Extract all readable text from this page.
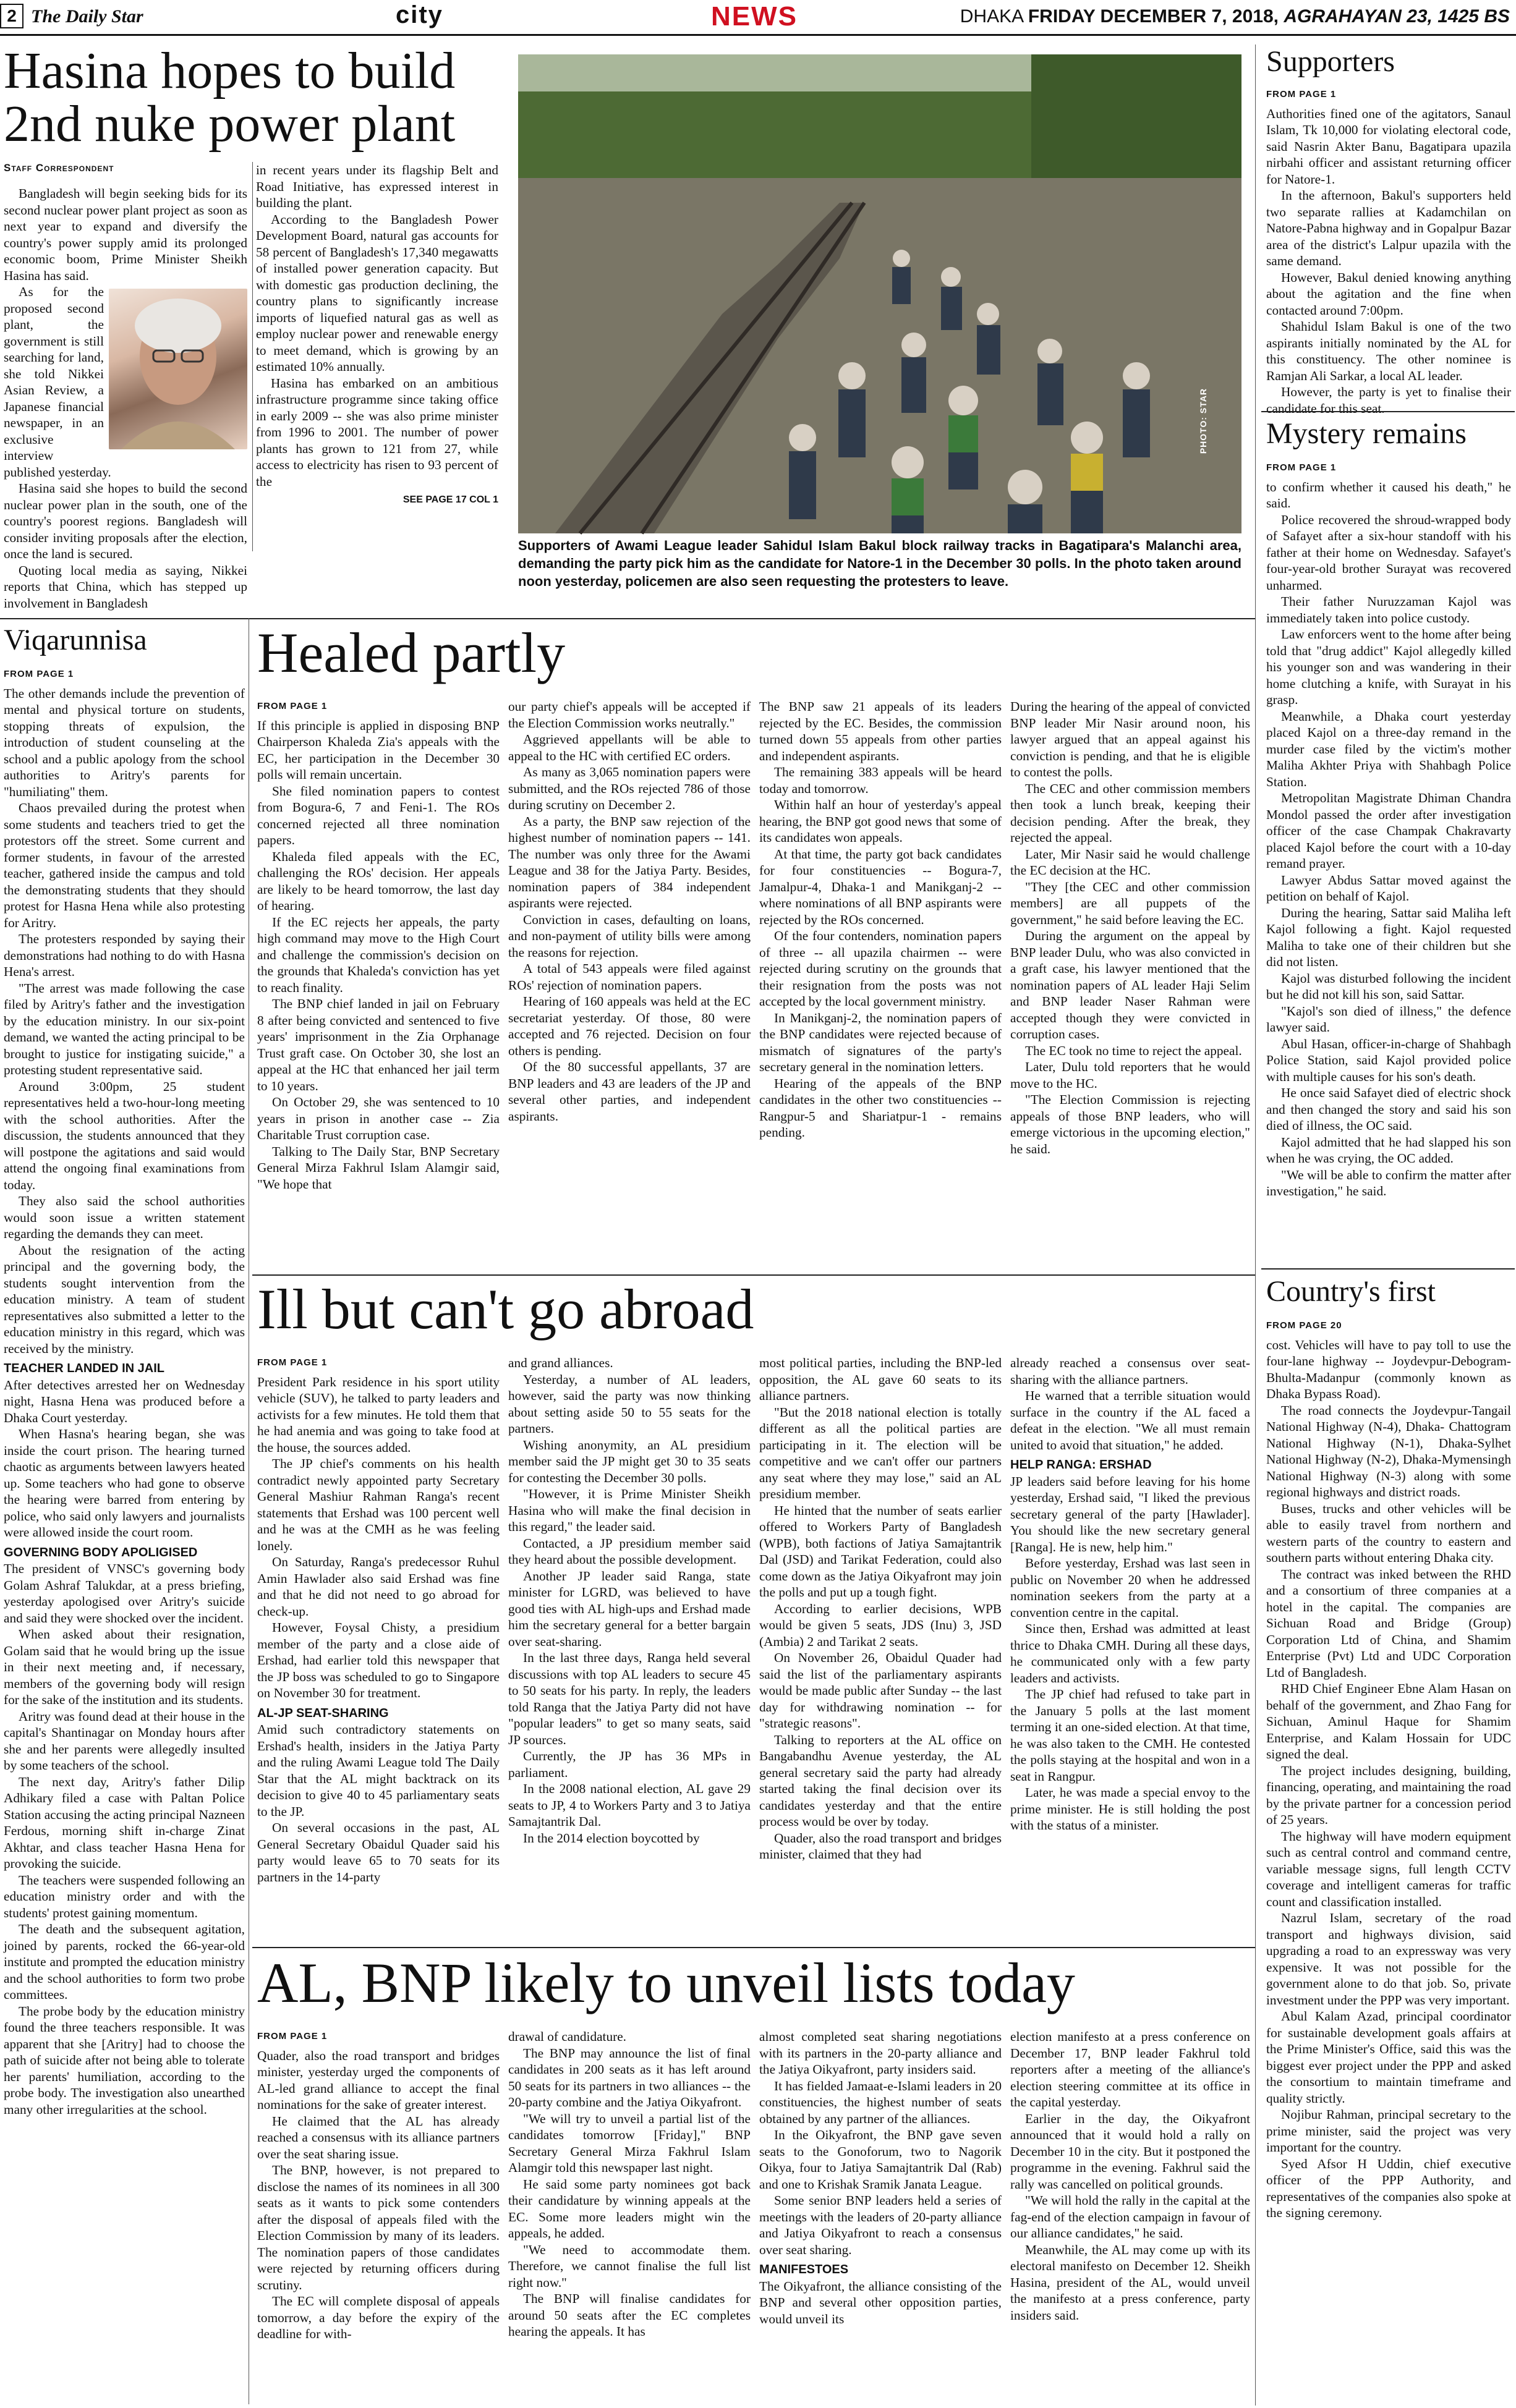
2 The Daily Star	city	NEWS	DHAKA FRIDAY DECEMBER 7, 2018, AGRAHAYAN 23, 1425 BS
Hasina hopes to build 2nd nuke power plant
Staff Correspondent

Bangladesh will begin seeking bids for its second nuclear power plant project as soon as next year to expand and diversify the country's power supply amid its prolonged economic boom, Prime Minister Sheikh Hasina has said.

As for the proposed second plant, the government is still searching for land, she told Nikkei Asian Review, a Japanese financial newspaper, in an exclusive interview published yesterday.

Hasina said she hopes to build the second nuclear power plan in the south, one of the country's poorest regions. Bangladesh will consider inviting proposals after the election, once the land is secured.

Quoting local media as saying, Nikkei reports that China, which has stepped up involvement in Bangladesh

in recent years under its flagship Belt and Road Initiative, has expressed interest in building the plant.

According to the Bangladesh Power Development Board, natural gas accounts for 58 percent of Bangladesh's 17,340 megawatts of installed power generation capacity. But with domestic gas production declining, the country plans to significantly increase imports of liquefied natural gas as well as employ nuclear power and renewable energy to meet demand, which is growing by an estimated 10% annually.

Hasina has embarked on an ambitious infrastructure programme since taking office in early 2009 -- she was also prime minister from 1996 to 2001. The number of power plants has grown to 121 from 27, while access to electricity has risen to 93 percent of the

SEE PAGE 17 COL 1
PHOTO: STAR
Supporters of Awami League leader Sahidul Islam Bakul block railway tracks in Bagatipara's Malanchi area, demanding the party pick him as the candidate for Natore-1 in the December 30 polls. In the photo taken around noon yesterday, policemen are also seen requesting the protesters to leave.
Supporters
FROM PAGE 1

Authorities fined one of the agitators, Sanaul Islam, Tk 10,000 for violating electoral code, said Nasrin Akter Banu, Bagatipara upazila nirbahi officer and assistant returning officer for Natore-1.

In the afternoon, Bakul's supporters held two separate rallies at Kadamchilan on Natore-Pabna highway and in Gopalpur Bazar area of the district's Lalpur upazila with the same demand.

However, Bakul denied knowing anything about the agitation and the fine when contacted around 7:00pm.

Shahidul Islam Bakul is one of the two aspirants initially nominated by the AL for this constituency. The other nominee is Ramjan Ali Sarkar, a local AL leader.

However, the party is yet to finalise their candidate for this seat.

Mystery remains
FROM PAGE 1

to confirm whether it caused his death," he said.

Police recovered the shroud-wrapped body of Safayet after a six-hour standoff with his father at their home on Wednesday. Safayet's four-year-old brother Surayat was recovered unharmed.

Their father Nuruzzaman Kajol was immediately taken into police custody.

Law enforcers went to the home after being told that "drug addict" Kajol allegedly killed his younger son and was wandering in their home clutching a knife, with Surayat in his grasp.

Meanwhile, a Dhaka court yesterday placed Kajol on a three-day remand in the murder case filed by the victim's mother Maliha Akhter Priya with Shahbagh Police Station.

Metropolitan Magistrate Dhiman Chandra Mondol passed the order after investigation officer of the case Champak Chakravarty placed Kajol before the court with a 10-day remand prayer.

Lawyer Abdus Sattar moved against the petition on behalf of Kajol.

During the hearing, Sattar said Maliha left Kajol following a fight. Kajol requested Maliha to take one of their children but she did not listen.

Kajol was disturbed following the incident but he did not kill his son, said Sattar.

"Kajol's son died of illness," the defence lawyer said.

Abul Hasan, officer-in-charge of Shahbagh Police Station, said Kajol provided police with multiple causes for his son's death.

He once said Safayet died of electric shock and then changed the story and said his son died of illness, the OC said.

Kajol admitted that he had slapped his son when he was crying, the OC added.

"We will be able to confirm the matter after investigation," he said.

Country's first
FROM PAGE 20

cost. Vehicles will have to pay toll to use the four-lane highway -- Joydevpur-Debogram-Bhulta-Madanpur (commonly known as Dhaka Bypass Road).

The road connects the Joydevpur-Tangail National Highway (N-4), Dhaka- Chattogram National Highway (N-1), Dhaka-Sylhet National Highway (N-2), Dhaka-Mymensingh National Highway (N-3) along with some regional highways and district roads.

Buses, trucks and other vehicles will be able to easily travel from northern and western parts of the country to eastern and southern parts without entering Dhaka city.

The contract was inked between the RHD and a consortium of three companies at a hotel in the capital. The companies are Sichuan Road and Bridge (Group) Corporation Ltd of China, and Shamim Enterprise (Pvt) Ltd and UDC Corporation Ltd of Bangladesh.

RHD Chief Engineer Ebne Alam Hasan on behalf of the government, and Zhao Fang for Sichuan, Aminul Haque for Shamim Enterprise, and Kalam Hossain for UDC signed the deal.

The project includes designing, building, financing, operating, and maintaining the road by the private partner for a concession period of 25 years.

The highway will have modern equipment such as central control and command centre, variable message signs, full length CCTV coverage and intelligent cameras for traffic count and classification installed.

Nazrul Islam, secretary of the road transport and highways division, said upgrading a road to an expressway was very expensive. It was not possible for the government alone to do that job. So, private investment under the PPP was very important.

Abul Kalam Azad, principal coordinator for sustainable development goals affairs at the Prime Minister's Office, said this was the biggest ever project under the PPP and asked the consortium to maintain timeframe and quality strictly.

Nojibur Rahman, principal secretary to the prime minister, said the project was very important for the country.

Syed Afsor H Uddin, chief executive officer of the PPP Authority, and representatives of the companies also spoke at the signing ceremony.

Viqarunnisa
FROM PAGE 1

The other demands include the prevention of mental and physical torture on students, stopping threats of expulsion, the introduction of student counseling at the school and a public apology from the school authorities to Aritry's parents for "humiliating" them.

Chaos prevailed during the protest when some students and teachers tried to get the protestors off the street. Some current and former students, in favour of the arrested teacher, gathered inside the campus and told the demonstrating students that they should protest for Hasna Hena while also protesting for Aritry.

The protesters responded by saying their demonstrations had nothing to do with Hasna Hena's arrest.

"The arrest was made following the case filed by Aritry's father and the investigation by the education ministry. In our six-point demand, we wanted the acting principal to be brought to justice for instigating suicide," a protesting student representative said.

Around 3:00pm, 25 student representatives held a two-hour-long meeting with the school authorities. After the discussion, the students announced that they will postpone the agitations and said would attend the ongoing final examinations from today.

They also said the school authorities would soon issue a written statement regarding the demands they can meet.

About the resignation of the acting principal and the governing body, the students sought intervention from the education ministry. A team of student representatives also submitted a letter to the education ministry in this regard, which was received by the ministry.

TEACHER LANDED IN JAIL

After detectives arrested her on Wednesday night, Hasna Hena was produced before a Dhaka Court yesterday.

When Hasna's hearing began, she was inside the court prison. The hearing turned chaotic as arguments between lawyers heated up. Some teachers who had gone to observe the hearing were barred from entering by police, who said only lawyers and journalists were allowed inside the court room.

GOVERNING BODY APOLIGISED

The president of VNSC's governing body Golam Ashraf Talukdar, at a press briefing, yesterday apologised over Aritry's suicide and said they were shocked over the incident.

When asked about their resignation, Golam said that he would bring up the issue in their next meeting and, if necessary, members of the governing body will resign for the sake of the institution and its students.

Aritry was found dead at their house in the capital's Shantinagar on Monday hours after she and her parents were allegedly insulted by some teachers of the school.

The next day, Aritry's father Dilip Adhikary filed a case with Paltan Police Station accusing the acting principal Nazneen Ferdous, morning shift in-charge Zinat Akhtar, and class teacher Hasna Hena for provoking the suicide.

The teachers were suspended following an education ministry order and with the students' protest gaining momentum.

The death and the subsequent agitation, joined by parents, rocked the 66-year-old institute and prompted the education ministry and the school authorities to form two probe committees.

The probe body by the education ministry found the three teachers responsible. It was apparent that she [Aritry] had to choose the path of suicide after not being able to tolerate her parents' humiliation, according to the probe body. The investigation also unearthed many other irregularities at the school.

Healed partly
FROM PAGE 1

If this principle is applied in disposing BNP Chairperson Khaleda Zia's appeals with the EC, her participation in the December 30 polls will remain uncertain.

She filed nomination papers to contest from Bogura-6, 7 and Feni-1. The ROs concerned rejected all three nomination papers.

Khaleda filed appeals with the EC, challenging the ROs' decision. Her appeals are likely to be heard tomorrow, the last day of hearing.

If the EC rejects her appeals, the party high command may move to the High Court and challenge the commission's decision on the grounds that Khaleda's conviction has yet to reach finality.

The BNP chief landed in jail on February 8 after being convicted and sentenced to five years' imprisonment in the Zia Orphanage Trust graft case. On October 30, she lost an appeal at the HC that enhanced her jail term to 10 years.

On October 29, she was sentenced to 10 years in prison in another case -- Zia Charitable Trust corruption case.

Talking to The Daily Star, BNP Secretary General Mirza Fakhrul Islam Alamgir said, "We hope that

our party chief's appeals will be accepted if the Election Commission works neutrally."

Aggrieved appellants will be able to appeal to the HC with certified EC orders.

As many as 3,065 nomination papers were submitted, and the ROs rejected 786 of those during scrutiny on December 2.

As a party, the BNP saw rejection of the highest number of nomination papers -- 141. The number was only three for the Awami League and 38 for the Jatiya Party. Besides, nomination papers of 384 independent aspirants were rejected.

Conviction in cases, defaulting on loans, and non-payment of utility bills were among the reasons for rejection.

A total of 543 appeals were filed against ROs' rejection of nomination papers.

Hearing of 160 appeals was held at the EC secretariat yesterday. Of those, 80 were accepted and 76 rejected. Decision on four others is pending.

Of the 80 successful appellants, 37 are BNP leaders and 43 are leaders of the JP and several other parties, and independent aspirants.

The BNP saw 21 appeals of its leaders rejected by the EC. Besides, the commission turned down 55 appeals from other parties and independent aspirants.

The remaining 383 appeals will be heard today and tomorrow.

Within half an hour of yesterday's appeal hearing, the BNP got good news that some of its candidates won appeals.

At that time, the party got back candidates for four constituencies -- Bogura-7, Jamalpur-4, Dhaka-1 and Manikganj-2 -- where nominations of all BNP aspirants were rejected by the ROs concerned.

Of the four contenders, nomination papers of three -- all upazila chairmen -- were rejected during scrutiny on the grounds that their resignation from the posts was not accepted by the local government ministry.

In Manikganj-2, the nomination papers of the BNP candidates were rejected because of mismatch of signatures of the party's secretary general in the nomination letters.

Hearing of the appeals of the BNP candidates in the other two constituencies --Rangpur-5 and Shariatpur-1 - remains pending.

During the hearing of the appeal of convicted BNP leader Mir Nasir around noon, his lawyer argued that an appeal against his conviction is pending, and that he is eligible to contest the polls.

The CEC and other commission members then took a lunch break, keeping their decision pending. After the break, they rejected the appeal.

Later, Mir Nasir said he would challenge the EC decision at the HC.

"They [the CEC and other commission members] are all puppets of the government," he said before leaving the EC.

During the argument on the appeal by BNP leader Dulu, who was also convicted in a graft case, his lawyer mentioned that the nomination papers of AL leader Haji Selim and BNP leader Naser Rahman were accepted though they were convicted in corruption cases.

The EC took no time to reject the appeal.

Later, Dulu told reporters that he would move to the HC.

"The Election Commission is rejecting appeals of those BNP leaders, who will emerge victorious in the upcoming election," he said.

Ill but can't go abroad
FROM PAGE 1

President Park residence in his sport utility vehicle (SUV), he talked to party leaders and activists for a few minutes. He told them that he had anemia and was going to take food at the house, the sources added.

The JP chief's comments on his health contradict newly appointed party Secretary General Mashiur Rahman Ranga's recent statements that Ershad was 100 percent well and he was at the CMH as he was feeling lonely.

On Saturday, Ranga's predecessor Ruhul Amin Hawlader also said Ershad was fine and that he did not need to go abroad for check-up.

However, Foysal Chisty, a presidium member of the party and a close aide of Ershad, had earlier told this newspaper that the JP boss was scheduled to go to Singapore on November 30 for treatment.

AL-JP SEAT-SHARING

Amid such contradictory statements on Ershad's health, insiders in the Jatiya Party and the ruling Awami League told The Daily Star that the AL might backtrack on its decision to give 40 to 45 parliamentary seats to the JP.

On several occasions in the past, AL General Secretary Obaidul Quader said his party would leave 65 to 70 seats for its partners in the 14-party

and grand alliances.

Yesterday, a number of AL leaders, however, said the party was now thinking about setting aside 50 to 55 seats for the partners.

Wishing anonymity, an AL presidium member said the JP might get 30 to 35 seats for contesting the December 30 polls.

"However, it is Prime Minister Sheikh Hasina who will make the final decision in this regard," the leader said.

Contacted, a JP presidium member said they heard about the possible development.

Another JP leader said Ranga, state minister for LGRD, was believed to have good ties with AL high-ups and Ershad made him the secretary general for a better bargain over seat-sharing.

In the last three days, Ranga held several discussions with top AL leaders to secure 45 to 50 seats for his party. In reply, the leaders told Ranga that the Jatiya Party did not have "popular leaders" to get so many seats, said JP sources.

Currently, the JP has 36 MPs in parliament.

In the 2008 national election, AL gave 29 seats to JP, 4 to Workers Party and 3 to Jatiya Samajtantrik Dal.

In the 2014 election boycotted by

most political parties, including the BNP-led opposition, the AL gave 60 seats to its alliance partners.

"But the 2018 national election is totally different as all the political parties are participating in it. The election will be competitive and we can't offer our partners any seat where they may lose," said an AL presidium member.

He hinted that the number of seats earlier offered to Workers Party of Bangladesh (WPB), both factions of Jatiya Samajtantrik Dal (JSD) and Tarikat Federation, could also come down as the Jatiya Oikyafront may join the polls and put up a tough fight.

According to earlier decisions, WPB would be given 5 seats, JDS (Inu) 3, JSD (Ambia) 2 and Tarikat 2 seats.

On November 26, Obaidul Quader had said the list of the parliamentary aspirants would be made public after Sunday -- the last day for withdrawing nomination -- for "strategic reasons".

Talking to reporters at the AL office on Bangabandhu Avenue yesterday, the AL general secretary said the party had already started taking the final decision over its candidates yesterday and that the entire process would be over by today.

Quader, also the road transport and bridges minister, claimed that they had

already reached a consensus over seat-sharing with the alliance partners.

He warned that a terrible situation would surface in the country if the AL faced a defeat in the election. "We all must remain united to avoid that situation," he added.

HELP RANGA: ERSHAD

JP leaders said before leaving for his home yesterday, Ershad said, "I liked the previous secretary general of the party [Hawlader]. You should like the new secretary general [Ranga]. He is new, help him."

Before yesterday, Ershad was last seen in public on November 20 when he addressed nomination seekers from the party at a convention centre in the capital.

Since then, Ershad was admitted at least thrice to Dhaka CMH. During all these days, he communicated only with a few party leaders and activists.

The JP chief had refused to take part in the January 5 polls at the last moment terming it an one-sided election. At that time, he was also taken to the CMH. He contested the polls staying at the hospital and won in a seat in Rangpur.

Later, he was made a special envoy to the prime minister. He is still holding the post with the status of a minister.

AL, BNP likely to unveil lists today
FROM PAGE 1

Quader, also the road transport and bridges minister, yesterday urged the components of AL-led grand alliance to accept the final nominations for the sake of greater interest.

He claimed that the AL has already reached a consensus with its alliance partners over the seat sharing issue.

The BNP, however, is not prepared to disclose the names of its nominees in all 300 seats as it wants to pick some contenders after the disposal of appeals filed with the Election Commission by many of its leaders. The nomination papers of those candidates were rejected by returning officers during scrutiny.

The EC will complete disposal of appeals tomorrow, a day before the expiry of the deadline for with-

drawal of candidature.

The BNP may announce the list of final candidates in 200 seats as it has left around 50 seats for its partners in two alliances -- the 20-party combine and the Jatiya Oikyafront.

"We will try to unveil a partial list of the candidates tomorrow [Friday]," BNP Secretary General Mirza Fakhrul Islam Alamgir told this newspaper last night.

He said some party nominees got back their candidature by winning appeals at the EC. Some more leaders might win the appeals, he added.

"We need to accommodate them. Therefore, we cannot finalise the full list right now."

The BNP will finalise candidates for around 50 seats after the EC completes hearing the appeals. It has

almost completed seat sharing negotiations with its partners in the 20-party alliance and the Jatiya Oikyafront, party insiders said.

It has fielded Jamaat-e-Islami leaders in 20 constituencies, the highest number of seats obtained by any partner of the alliances.

In the Oikyafront, the BNP gave seven seats to the Gonoforum, two to Nagorik Oikya, four to Jatiya Samajtantrik Dal (Rab) and one to Krishak Sramik Janata League.

Some senior BNP leaders held a series of meetings with the leaders of 20-party alliance and Jatiya Oikyafront to reach a consensus over seat sharing.

MANIFESTOES

The Oikyafront, the alliance consisting of the BNP and several other opposition parties, would unveil its

election manifesto at a press conference on December 17, BNP leader Fakhrul told reporters after a meeting of the alliance's election steering committee at its office in the capital yesterday.

Earlier in the day, the Oikyafront announced that it would hold a rally on December 10 in the city. But it postponed the programme in the evening. Fakhrul said the rally was cancelled on political grounds.

"We will hold the rally in the capital at the fag-end of the election campaign in favour of our alliance candidates," he said.

Meanwhile, the AL may come up with its electoral manifesto on December 12. Sheikh Hasina, president of the AL, would unveil the manifesto at a press conference, party insiders said.
